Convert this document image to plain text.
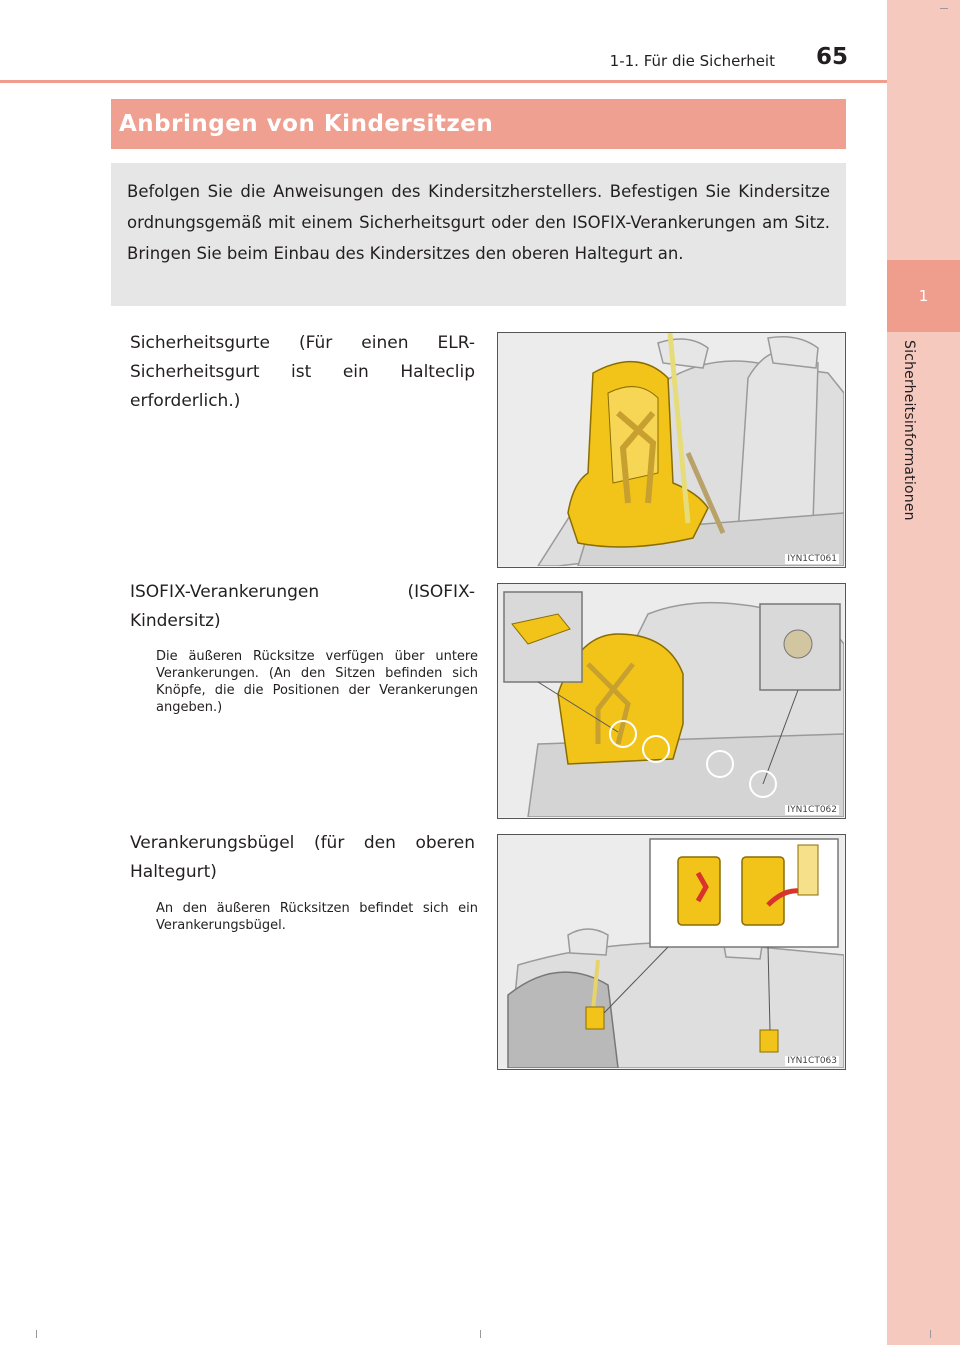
1
Sicherheitsinformationen
1-1. Für die Sicherheit 65
Anbringen von Kindersitzen
Befolgen Sie die Anweisungen des Kindersitzherstellers. Befestigen Sie Kindersitze ordnungsgemäß mit einem Sicherheitsgurt oder den ISOFIX-Verankerungen am Sitz. Bringen Sie beim Einbau des Kindersitzes den oberen Haltegurt an.
Sicherheitsgurte (Für einen ELR-Sicherheitsgurt ist ein Halteclip erforderlich.)
IYN1CT061
ISOFIX-Verankerungen (ISOFIX-Kindersitz)
Die äußeren Rücksitze verfügen über untere Verankerungen. (An den Sitzen befinden sich Knöpfe, die die Positionen der Verankerungen angeben.)
IYN1CT062
Verankerungsbügel (für den oberen Haltegurt)
An den äußeren Rücksitzen befindet sich ein Verankerungsbügel.
IYN1CT063
